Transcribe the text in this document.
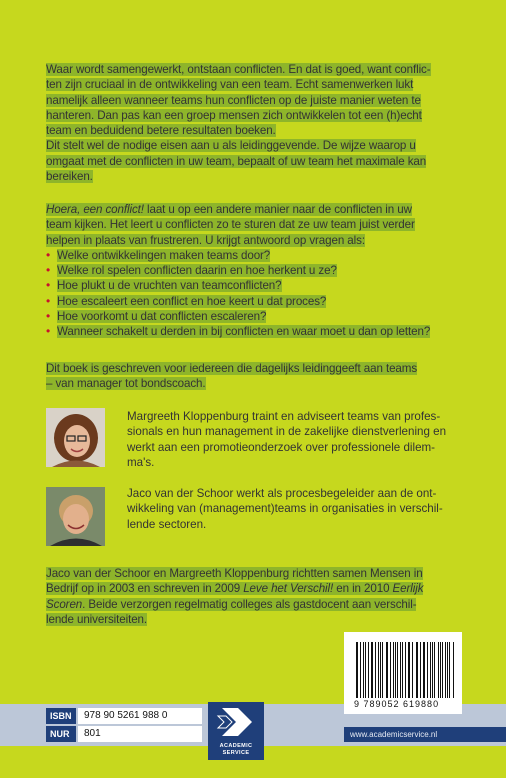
Waar wordt samengewerkt, ontstaan conflicten. En dat is goed, want conflic-

ten zijn cruciaal in de ontwikkeling van een team. Echt samenwerken lukt

namelijk alleen wanneer teams hun conflicten op de juiste manier weten te

hanteren. Dan pas kan een groep mensen zich ontwikkelen tot een (h)echt

team en beduidend betere resultaten boeken.

Dit stelt wel de nodige eisen aan u als leidinggevende. De wijze waarop u

omgaat met de conflicten in uw team, bepaalt of uw team het maximale kan

bereiken.

Hoera, een conflict! laat u op een andere manier naar de conflicten in uw

team kijken. Het leert u conflicten zo te sturen dat ze uw team juist verder

helpen in plaats van frustreren. U krijgt antwoord op vragen als:

• Welke ontwikkelingen maken teams door?
• Welke rol spelen conflicten daarin en hoe herkent u ze?
• Hoe plukt u de vruchten van teamconflicten?
• Hoe escaleert een conflict en hoe keert u dat proces?
• Hoe voorkomt u dat conflicten escaleren?
• Wanneer schakelt u derden in bij conflicten en waar moet u dan op letten?

Dit boek is geschreven voor iedereen die dagelijks leidinggeeft aan teams

– van manager tot bondscoach.

Margreeth Kloppenburg traint en adviseert teams van profes-

sionals en hun management in de zakelijke dienstverlening en

werkt aan een promotieonderzoek over professionele dilem-

ma's.

Jaco van der Schoor werkt als procesbegeleider aan de ont-

wikkeling van (management)teams in organisaties in verschil-

lende sectoren.

Jaco van der Schoor en Margreeth Kloppenburg richtten samen Mensen in

Bedrijf op in 2003 en schreven in 2009 Leve het Verschil! en in 2010 Eerlijk

Scoren. Beide verzorgen regelmatig colleges als gastdocent aan verschil-

lende universiteiten.

9 789052 619880
ISBN	978 90 5261 988 0
NUR	801
ACADEMIC
SERVICE
www.academicservice.nl
